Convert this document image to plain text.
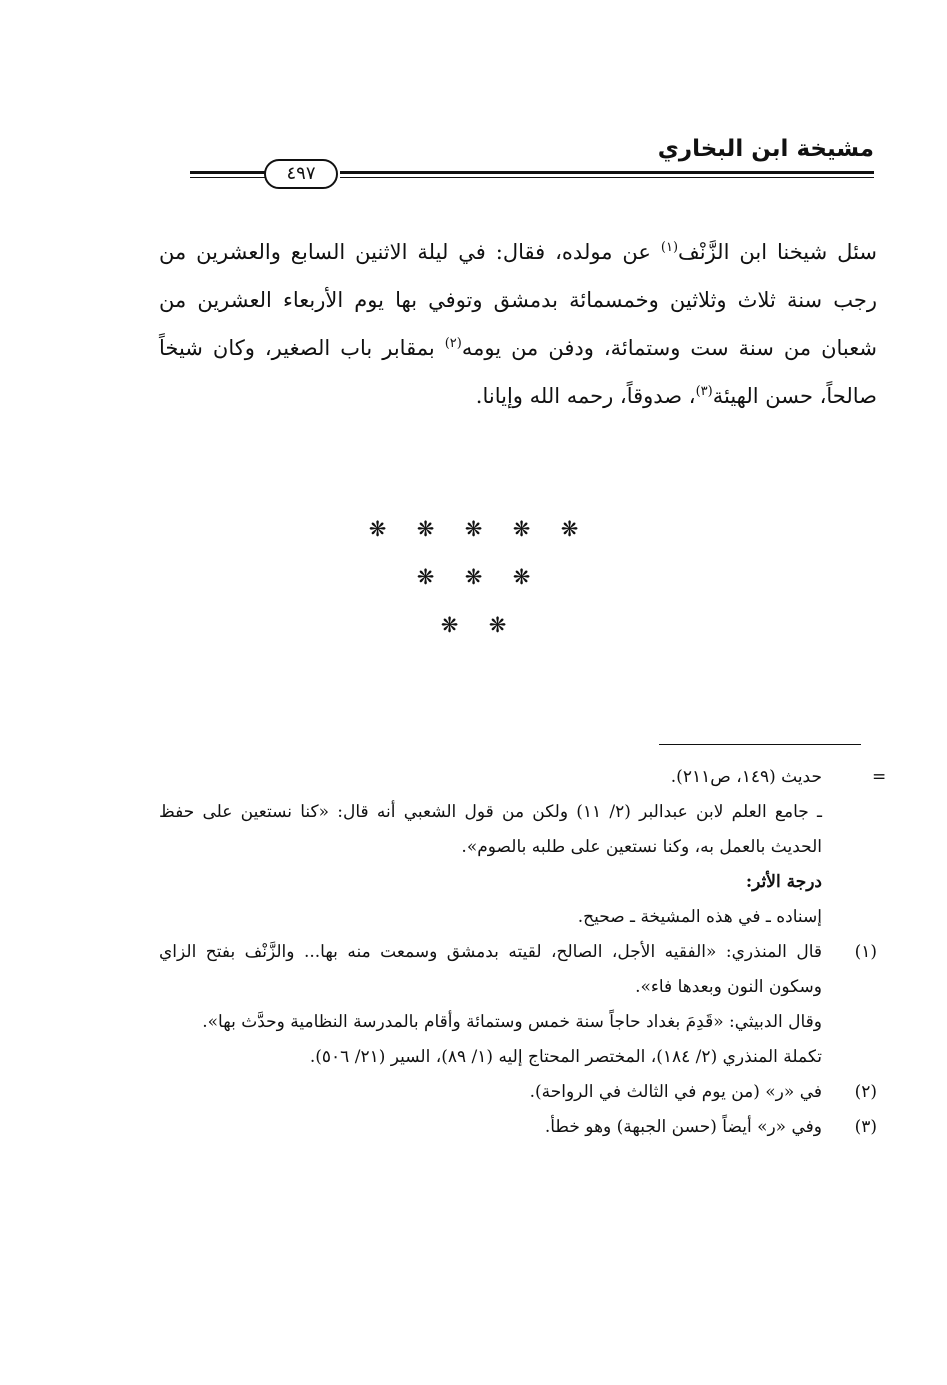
مشيخة ابن البخاري
٤٩٧

سئل شيخنا ابن الزَّنْف$^{(١)}$ عن مولده، فقال: في ليلة الاثنين السابع والعشرين من رجب سنة ثلاث وثلاثين وخمسمائة بدمشق وتوفي بها يوم الأربعاء العشرين من شعبان من سنة ست وستمائة، ودفن من يومه$^{(٢)}$ بمقابر باب الصغير، وكان شيخاً صالحاً، حسن الهيئة$^{(٣)}$، صدوقاً، رحمه الله وإيانا.

❋	❋	❋	❋	❋
❋	❋	❋
❋	❋
=

حديث (١٤٩، ص٢١١).

ـ جامع العلم لابن عبدالبر (٢/ ١١) ولكن من قول الشعبي أنه قال: «كنا نستعين على حفظ الحديث بالعمل به، وكنا نستعين على طلبه بالصوم».

درجة الأثر:

إسناده ـ في هذه المشيخة ـ صحيح.

(١)

قال المنذري: «الفقيه الأجل، الصالح، لقيته بدمشق وسمعت منه بها... والزَّنْف بفتح الزاي وسكون النون وبعدها فاء».

وقال الدبيثي: «قَدِمَ بغداد حاجاً سنة خمس وستمائة وأقام بالمدرسة النظامية وحدَّث بها».

تكملة المنذري (٢/ ١٨٤)، المختصر المحتاج إليه (١/ ٨٩)، السير (٢١/ ٥٠٦).

(٢)

في «ر» (من يوم في الثالث في الرواحة).

(٣)

وفي «ر» أيضاً (حسن الجبهة) وهو خطأ.
